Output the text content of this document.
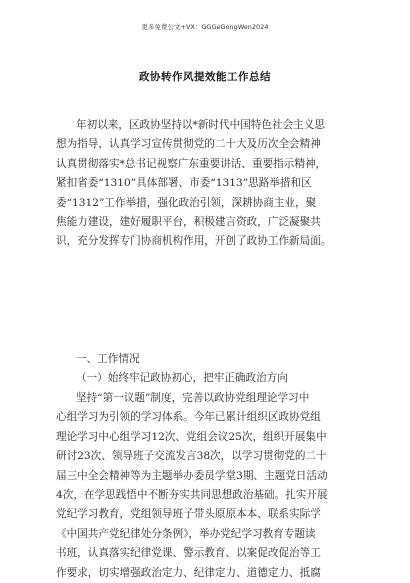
更多免费公文+VX：GGGeGongWen2024
政协转作风提效能工作总结
年初以来，区政协坚持以*新时代中国特色社会主义思
想为指导，认真学习宣传贯彻党的二十大及历次全会精神
认真贯彻落实*总书记视察广东重要讲话、重要指示精神，
紧扣省委“1310”具体部署、市委“1313”思路举措和区
委“1312”工作举措，强化政治引领，深耕协商主业，聚
焦能力建设，建好履职平台，积极建言资政，广泛凝聚共
识，充分发挥专门协商机构作用，开创了政协工作新局面。
一、工作情况
（一）始终牢记政协初心，把牢正确政治方向
坚持“第一议题”制度，完善以政协党组理论学习中
心组学习为引领的学习体系。今年已累计组织区政协党组
理论学习中心组学习12次、党组会议25次，组织开展集中
研讨23次、领导班子交流发言38次，以学习贯彻党的二十
届三中全会精神等为主题举办委员学堂3期、主题党日活动
4次，在学思践悟中不断夯实共同思想政治基础。扎实开展
党纪学习教育，党组领导班子带头原原本本、联系实际学
《中国共产党纪律处分条例》，举办党纪学习教育专题读
书班，认真落实纪律党课、警示教育、以案促改促治等工
作要求，切实增强政治定力、纪律定力、道德定力、抵腐
